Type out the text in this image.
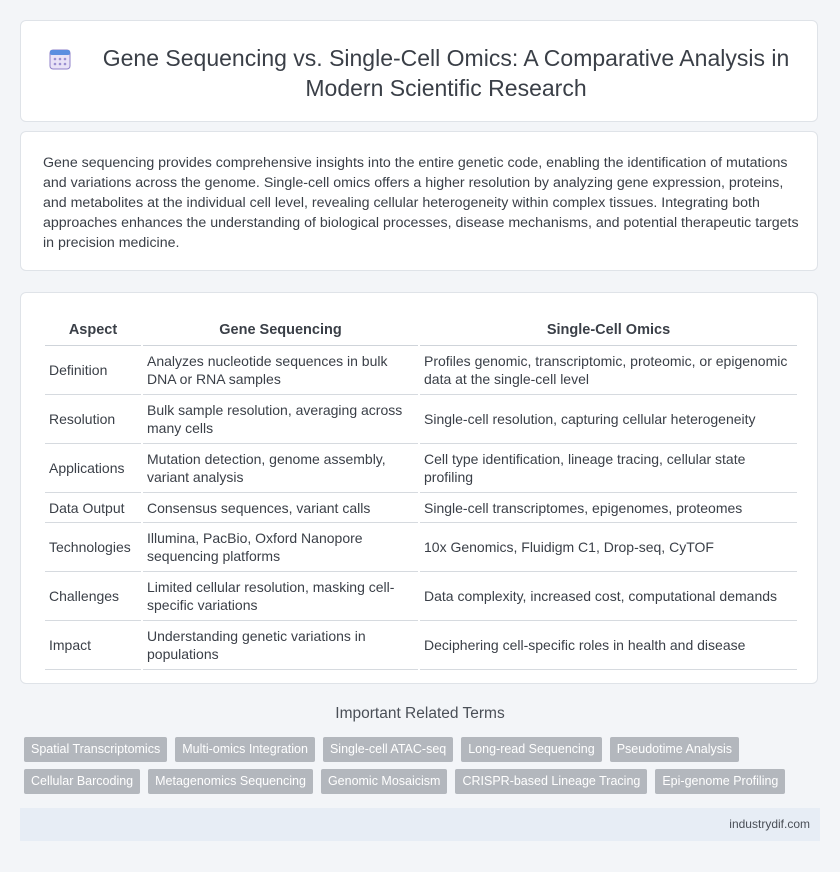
Gene Sequencing vs. Single-Cell Omics: A Comparative Analysis in Modern Scientific Research

Gene sequencing provides comprehensive insights into the entire genetic code, enabling the identification of mutations and variations across the genome. Single-cell omics offers a higher resolution by analyzing gene expression, proteins, and metabolites at the individual cell level, revealing cellular heterogeneity within complex tissues. Integrating both approaches enhances the understanding of biological processes, disease mechanisms, and potential therapeutic targets in precision medicine.

Aspect	Gene Sequencing	Single-Cell Omics
Definition	Analyzes nucleotide sequences in bulk DNA or RNA samples	Profiles genomic, transcriptomic, proteomic, or epigenomic data at the single-cell level
Resolution	Bulk sample resolution, averaging across many cells	Single-cell resolution, capturing cellular heterogeneity
Applications	Mutation detection, genome assembly, variant analysis	Cell type identification, lineage tracing, cellular state profiling
Data Output	Consensus sequences, variant calls	Single-cell transcriptomes, epigenomes, proteomes
Technologies	Illumina, PacBio, Oxford Nanopore sequencing platforms	10x Genomics, Fluidigm C1, Drop-seq, CyTOF
Challenges	Limited cellular resolution, masking cell-specific variations	Data complexity, increased cost, computational demands
Impact	Understanding genetic variations in populations	Deciphering cell-specific roles in health and disease
Important Related Terms
Spatial Transcriptomics	Multi-omics Integration	Single-cell ATAC-seq	Long-read Sequencing	Pseudotime Analysis
Cellular Barcoding	Metagenomics Sequencing	Genomic Mosaicism	CRISPR-based Lineage Tracing	Epi-genome Profiling
industrydif.com
